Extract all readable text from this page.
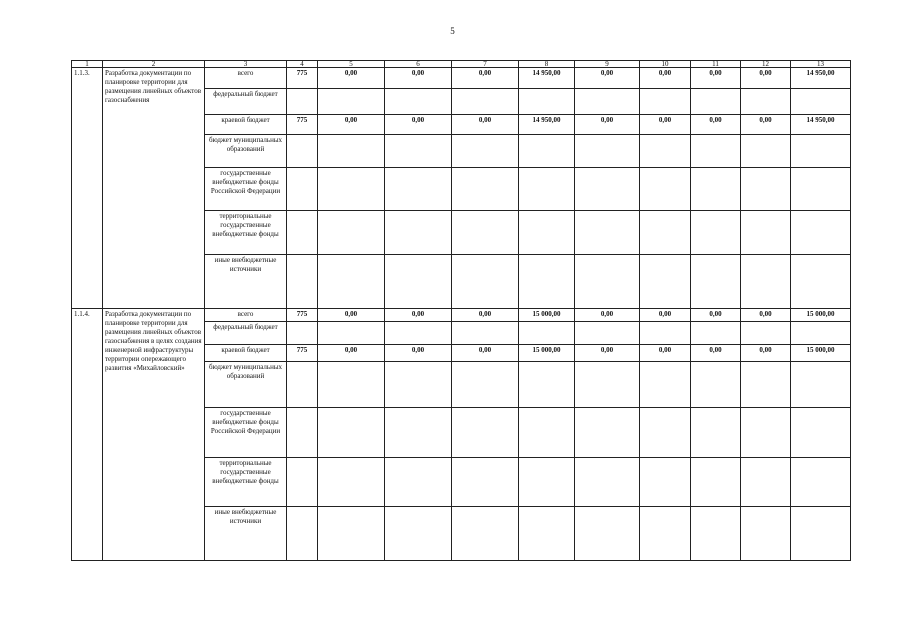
5
1	2	3	4	5	6	7	8	9	10	11	12	13
1.1.3.	Разработка документации по планировке территории для размещения линейных объектов газоснабжения	всего	775	0,00	0,00	0,00	14 950,00	0,00	0,00	0,00	0,00	14 950,00
		федеральный бюджет										
		краевой бюджет	775	0,00	0,00	0,00	14 950,00	0,00	0,00	0,00	0,00	14 950,00
		бюджет муниципальных образований										
		государственные внебюджетные фонды Российской Федерации										
		территориальные государственные внебюджетные фонды										
		иные внебюджетные источники										
1.1.4.	Разработка документации по планировке территории для размещения линейных объектов газоснабжения в целях создания инженерной инфраструктуры территории опережающего развития «Михайловский»	всего	775	0,00	0,00	0,00	15 000,00	0,00	0,00	0,00	0,00	15 000,00
		федеральный бюджет										
		краевой бюджет	775	0,00	0,00	0,00	15 000,00	0,00	0,00	0,00	0,00	15 000,00
		бюджет муниципальных образований										
		государственные внебюджетные фонды Российской Федерации										
		территориальные государственные внебюджетные фонды										
		иные внебюджетные источники										
